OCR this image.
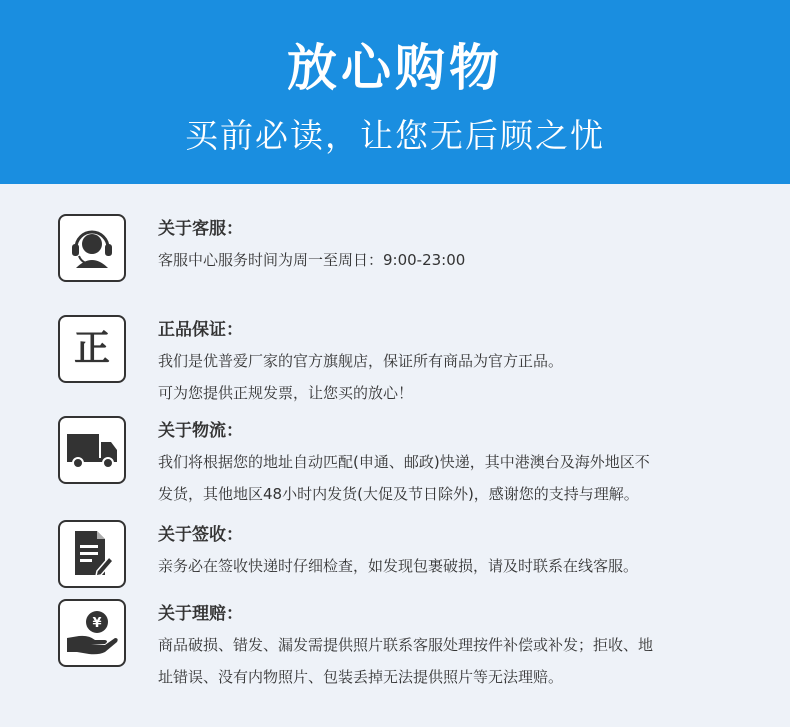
放心购物
买前必读，让您无后顾之忧
关于客服：

客服中心服务时间为周一至周日：9:00-23:00

正	正品保证：

我们是优普爱厂家的官方旗舰店，保证所有商品为官方正品。

可为您提供正规发票，让您买的放心！

关于物流：

我们将根据您的地址自动匹配(申通、邮政)快递，其中港澳台及海外地区不

发货，其他地区48小时内发货(大促及节日除外)，感谢您的支持与理解。

关于签收：

亲务必在签收快递时仔细检查，如发现包裹破损，请及时联系在线客服。

¥	关于理赔：

商品破损、错发、漏发需提供照片联系客服处理按件补偿或补发；拒收、地

址错误、没有内物照片、包装丢掉无法提供照片等无法理赔。
